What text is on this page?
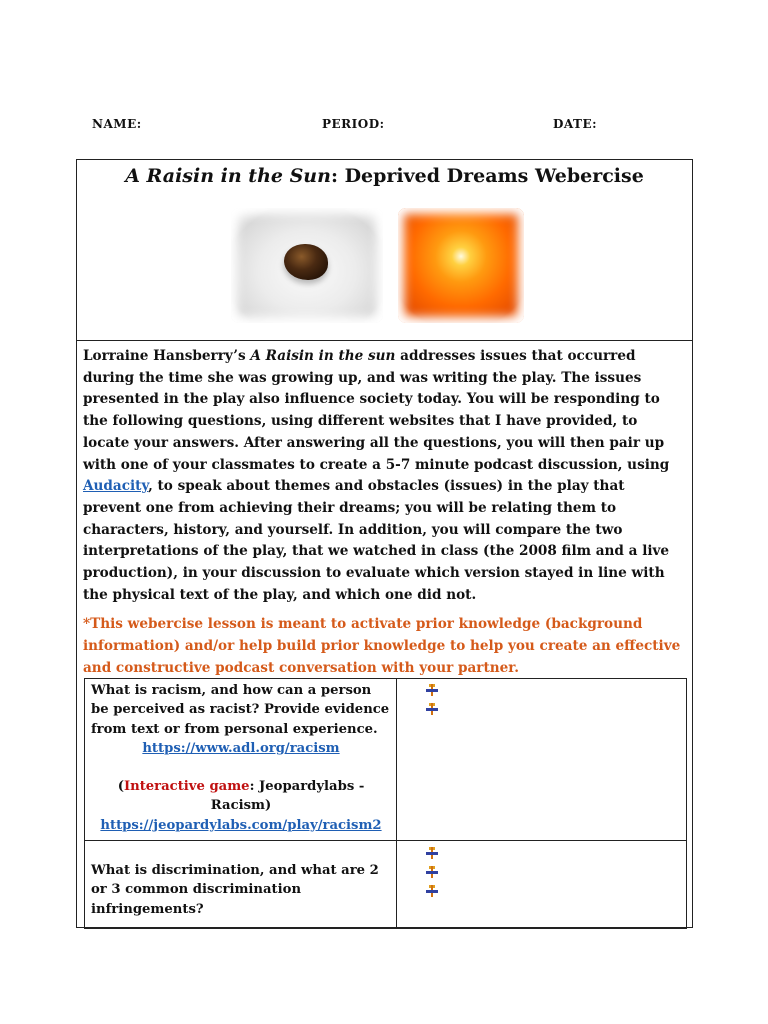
NAME:	PERIOD:	DATE:
A Raisin in the Sun: Deprived Dreams Webercise

Lorraine Hansberry’s A Raisin in the sun addresses issues that occurred during the time she was growing up, and was writing the play. The issues presented in the play also influence society today. You will be responding to the following questions, using different websites that I have provided, to locate your answers. After answering all the questions, you will then pair up with one of your classmates to create a 5-7 minute podcast discussion, using Audacity, to speak about themes and obstacles (issues) in the play that prevent one from achieving their dreams; you will be relating them to characters, history, and yourself. In addition, you will compare the two interpretations of the play, that we watched in class (the 2008 film and a live production), in your discussion to evaluate which version stayed in line with the physical text of the play, and which one did not.

*This webercise lesson is meant to activate prior knowledge (background information) and/or help build prior knowledge to help you create an effective and constructive podcast conversation with your partner.

What is racism, and how can a person be perceived as racist? Provide evidence from text or from personal experience.
https://www.adl.org/racism
(Interactive game: Jeopardylabs - Racism)
https://jeopardylabs.com/play/racism2
What is discrimination, and what are 2 or 3 common discrimination infringements?
